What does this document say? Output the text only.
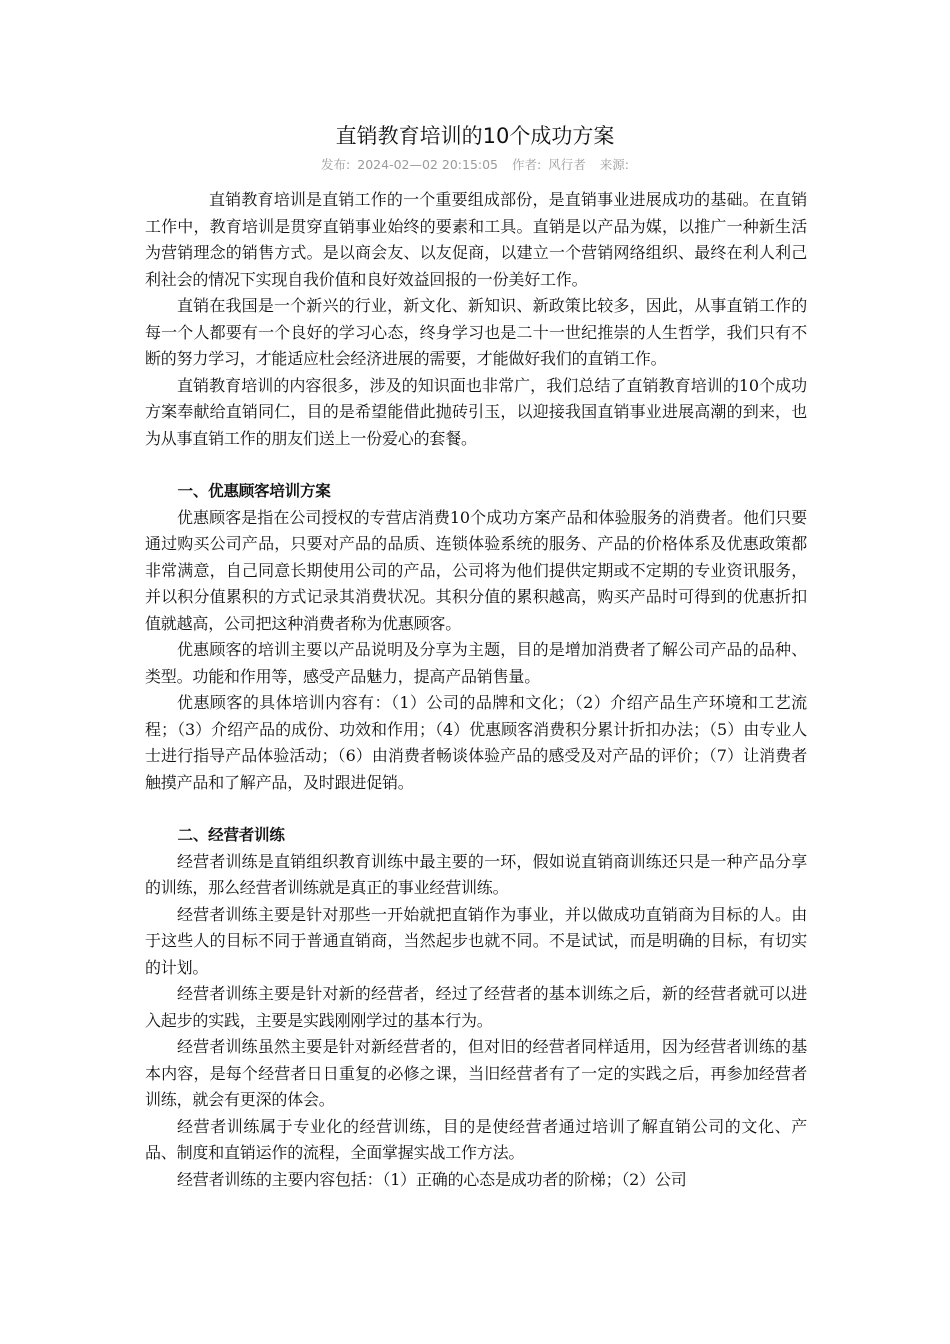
直销教育培训的10个成功方案
发布: 2024-02—02 20:15:05 作者: 风行者 来源:

直销教育培训是直销工作的一个重要组成部份，是直销事业进展成功的基础。在直销工作中，教育培训是贯穿直销事业始终的要素和工具。直销是以产品为媒，以推广一种新生活为营销理念的销售方式。是以商会友、以友促商，以建立一个营销网络组织、最终在利人利己利社会的情况下实现自我价值和良好效益回报的一份美好工作。

直销在我国是一个新兴的行业，新文化、新知识、新政策比较多，因此，从事直销工作的每一个人都要有一个良好的学习心态，终身学习也是二十一世纪推崇的人生哲学，我们只有不断的努力学习，才能适应杜会经济进展的需要，才能做好我们的直销工作。

直销教育培训的内容很多，涉及的知识面也非常广，我们总结了直销教育培训的10个成功方案奉献给直销同仁，目的是希望能借此抛砖引玉，以迎接我国直销事业进展高潮的到来，也为从事直销工作的朋友们送上一份爱心的套餐。

一、优惠顾客培训方案

优惠顾客是指在公司授权的专营店消费10个成功方案产品和体验服务的消费者。他们只要通过购买公司产品，只要对产品的品质、连锁体验系统的服务、产品的价格体系及优惠政策都非常满意，自己同意长期使用公司的产品，公司将为他们提供定期或不定期的专业资讯服务，并以积分值累积的方式记录其消费状况。其积分值的累积越高，购买产品时可得到的优惠折扣值就越高，公司把这种消费者称为优惠顾客。

优惠顾客的培训主要以产品说明及分享为主题，目的是增加消费者了解公司产品的品种、类型。功能和作用等，感受产品魅力，提高产品销售量。

优惠顾客的具体培训内容有：（1）公司的品牌和文化；（2）介绍产品生产环境和工艺流程；（3）介绍产品的成份、功效和作用；（4）优惠顾客消费积分累计折扣办法；（5）由专业人士进行指导产品体验活动；（6）由消费者畅谈体验产品的感受及对产品的评价；（7）让消费者触摸产品和了解产品，及时跟进促销。

二、经营者训练

经营者训练是直销组织教育训练中最主要的一环，假如说直销商训练还只是一种产品分享的训练，那么经营者训练就是真正的事业经营训练。

经营者训练主要是针对那些一开始就把直销作为事业，并以做成功直销商为目标的人。由于这些人的目标不同于普通直销商，当然起步也就不同。不是试试，而是明确的目标，有切实的计划。

经营者训练主要是针对新的经营者，经过了经营者的基本训练之后，新的经营者就可以进入起步的实践，主要是实践刚刚学过的基本行为。

经营者训练虽然主要是针对新经营者的，但对旧的经营者同样适用，因为经营者训练的基本内容，是每个经营者日日重复的必修之课，当旧经营者有了一定的实践之后，再参加经营者训练，就会有更深的体会。

经营者训练属于专业化的经营训练，目的是使经营者通过培训了解直销公司的文化、产品、制度和直销运作的流程，全面掌握实战工作方法。

经营者训练的主要内容包括：（1）正确的心态是成功者的阶梯；（2）公司
